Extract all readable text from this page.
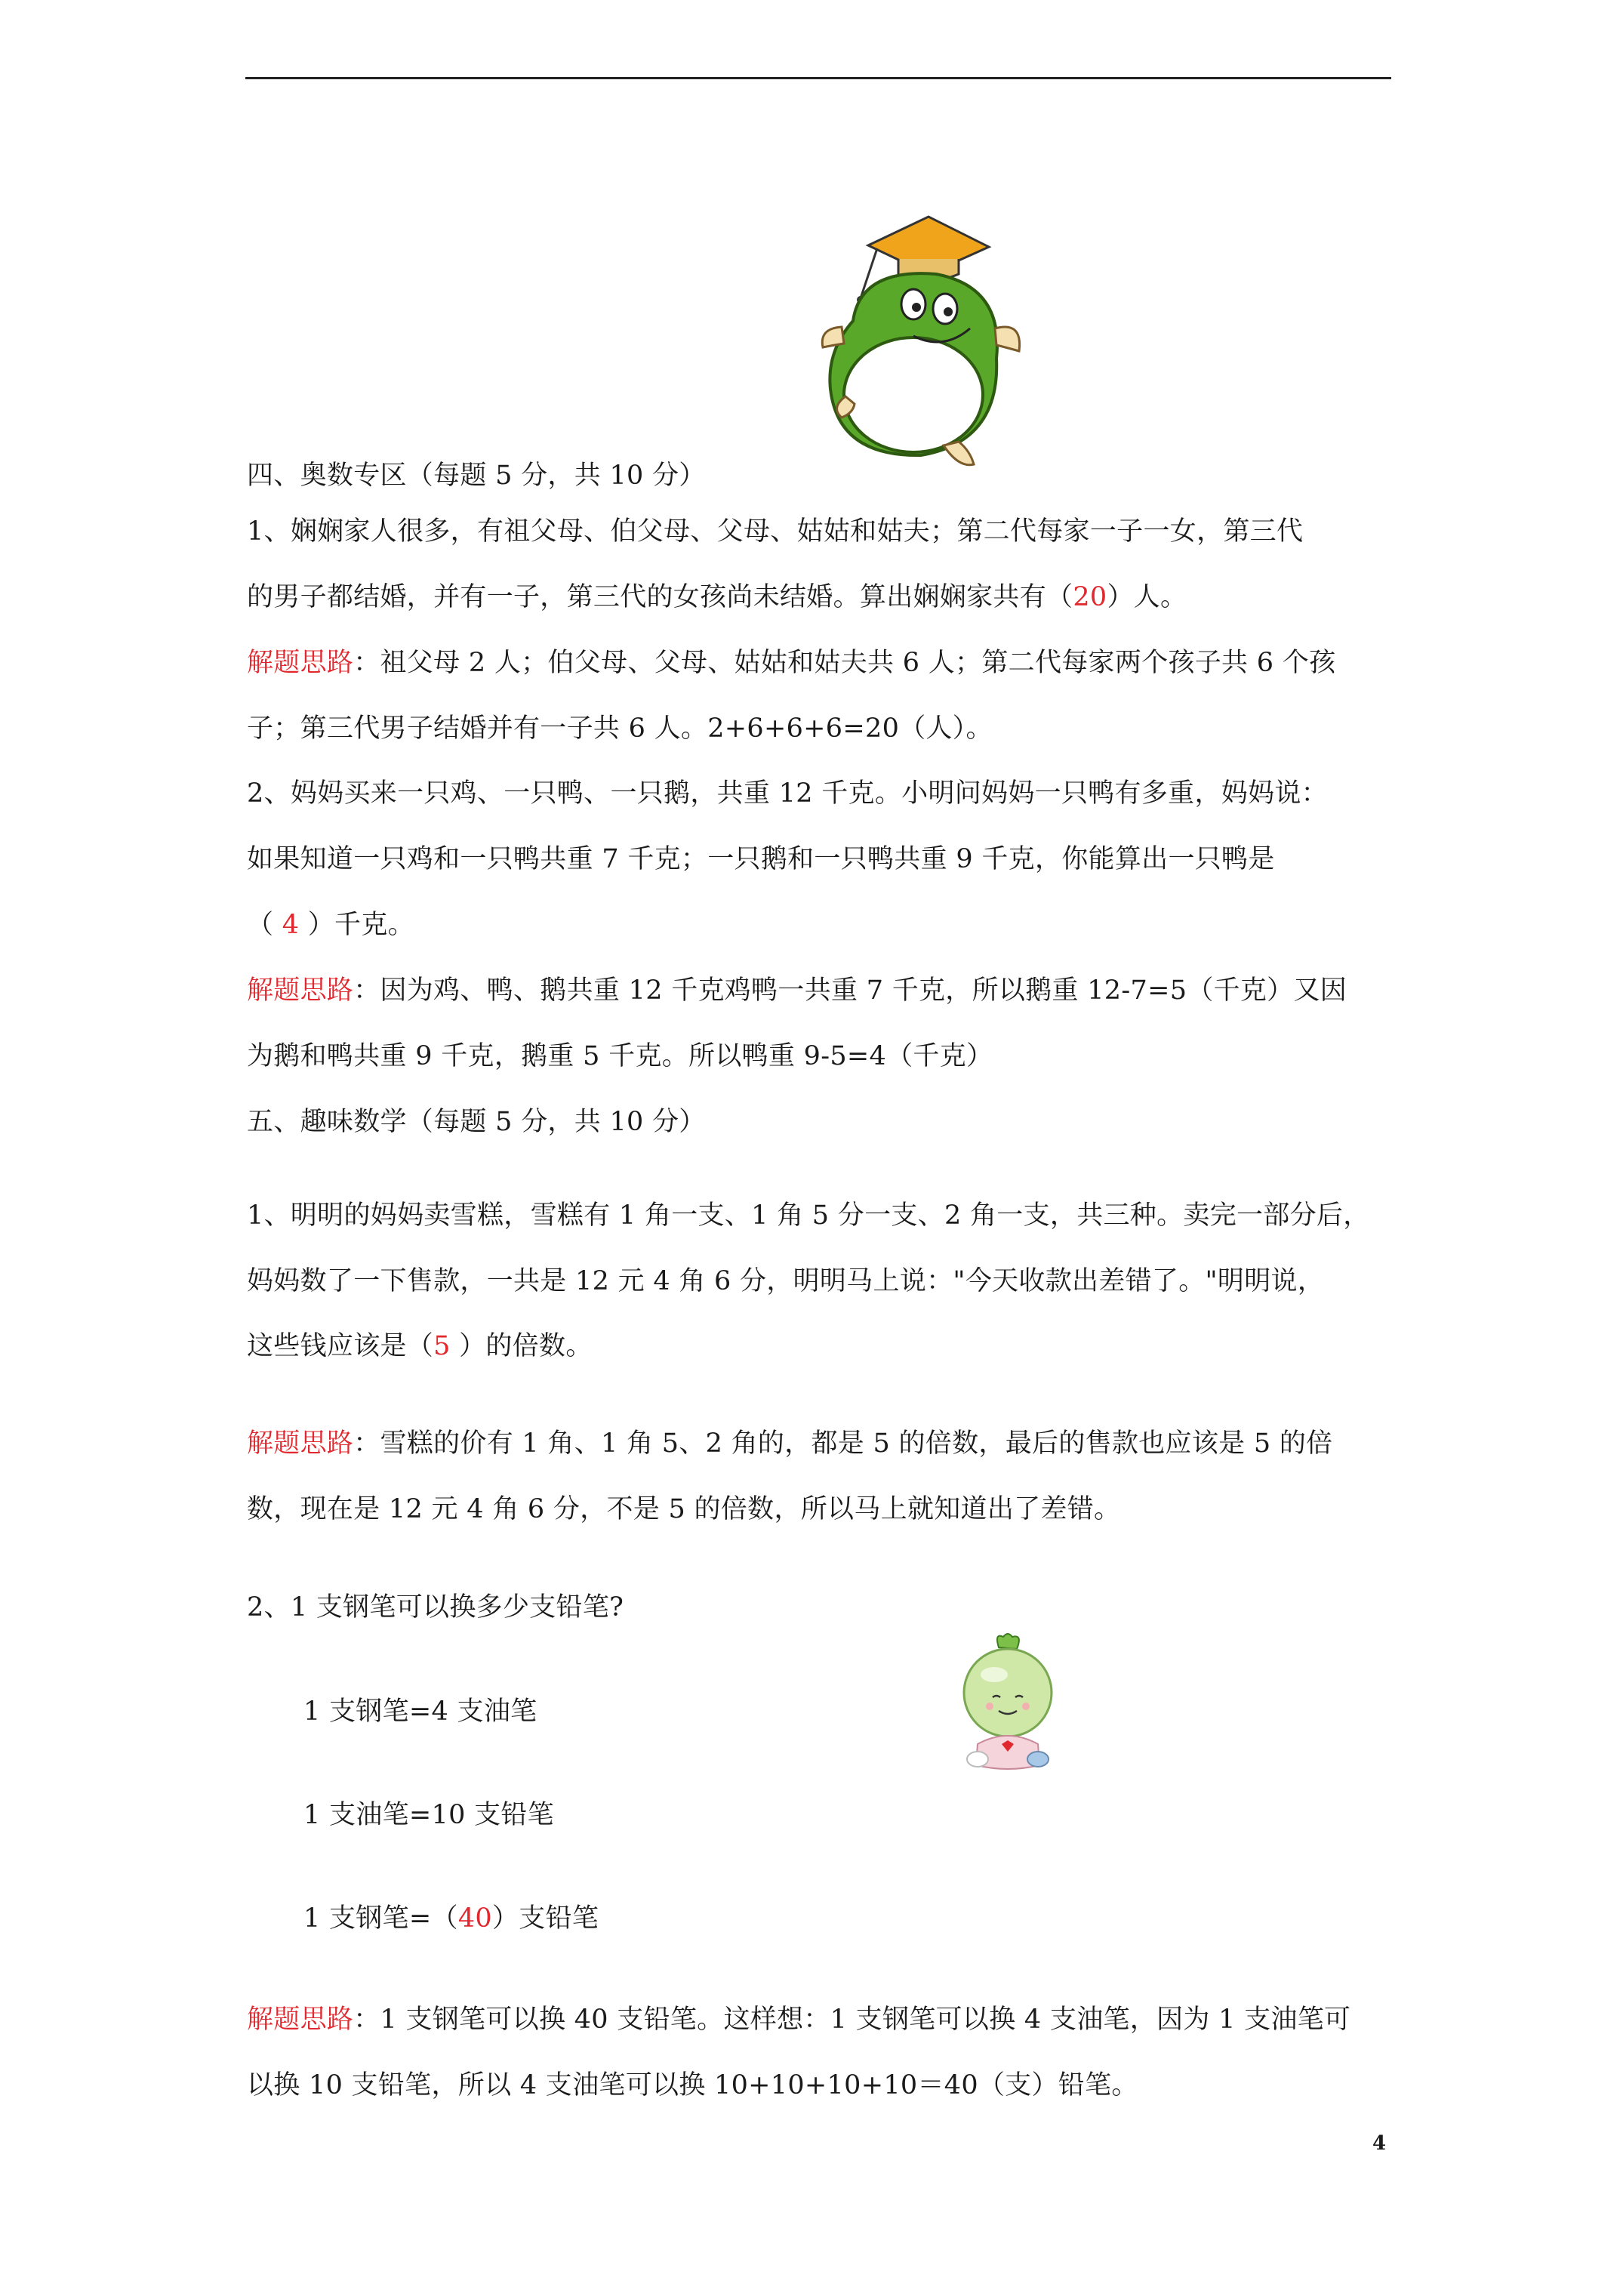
四、奥数专区（每题 5 分，共 10 分）
1、娴娴家人很多，有祖父母、伯父母、父母、姑姑和姑夫；第二代每家一子一女，第三代
的男子都结婚，并有一子，第三代的女孩尚未结婚。算出娴娴家共有（20）人。
解题思路：祖父母 2 人；伯父母、父母、姑姑和姑夫共 6 人；第二代每家两个孩子共 6 个孩
子；第三代男子结婚并有一子共 6 人。2+6+6+6=20（人）。
2、妈妈买来一只鸡、一只鸭、一只鹅，共重 12 千克。小明问妈妈一只鸭有多重，妈妈说：
如果知道一只鸡和一只鸭共重 7 千克；一只鹅和一只鸭共重 9 千克，你能算出一只鸭是
（ 4 ）千克。
解题思路：因为鸡、鸭、鹅共重 12 千克鸡鸭一共重 7 千克，所以鹅重 12-7=5（千克）又因
为鹅和鸭共重 9 千克，鹅重 5 千克。所以鸭重 9-5=4（千克）
五、趣味数学（每题 5 分，共 10 分）
1、明明的妈妈卖雪糕，雪糕有 1 角一支、1 角 5 分一支、2 角一支，共三种。卖完一部分后，
妈妈数了一下售款，一共是 12 元 4 角 6 分，明明马上说："今天收款出差错了。"明明说，
这些钱应该是（5 ）的倍数。
解题思路：雪糕的价有 1 角、1 角 5、2 角的，都是 5 的倍数，最后的售款也应该是 5 的倍
数，现在是 12 元 4 角 6 分，不是 5 的倍数，所以马上就知道出了差错。
2、1 支钢笔可以换多少支铅笔?
1 支钢笔=4 支油笔
1 支油笔=10 支铅笔
1 支钢笔=（40）支铅笔
解题思路：1 支钢笔可以换 40 支铅笔。这样想：1 支钢笔可以换 4 支油笔，因为 1 支油笔可
以换 10 支铅笔，所以 4 支油笔可以换 10+10+10+10＝40（支）铅笔。
4
